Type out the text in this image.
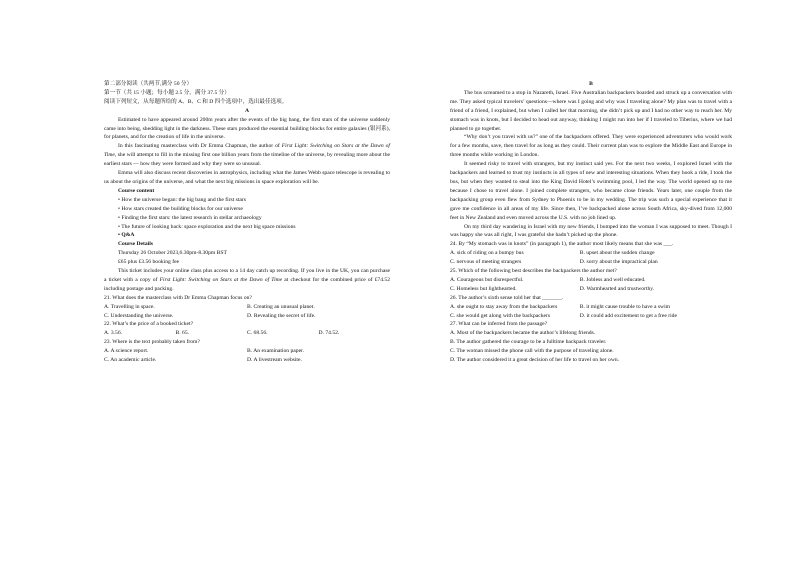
第二部分阅读（共两节,满分 50 分）

第一节（共 15 小题；每小题 2.5 分，满分 37.5 分）

阅读下列短文，从每题所给的 A、B、C 和 D 四个选项中，选出最佳选项。

A

Estimated to have appeared around 200m years after the events of the big bang, the first stars of the universe suddenly came into being, shedding light in the darkness. These stars produced the essential building blocks for entire galaxies (银河系), for planets, and for the creation of life in the universe.

In this fascinating masterclass with Dr Emma Chapman, the author of First Light: Switching on Stars at the Dawn of Time, she will attempt to fill in the missing first one billion years from the timeline of the universe, by revealing more about the earliest stars — how they were formed and why they were so unusual.

Emma will also discuss recent discoveries in astrophysics, including what the James Webb space telescope is revealing to us about the origins of the universe, and what the next big missions in space exploration will be.

Course content

• How the universe began: the big bang and the first stars

• How stars created the building blocks for our universe

• Finding the first stars: the latest research in stellar archaeology

• The future of looking back: space exploration and the next big space missions

• Q&A

Course Details

Thursday 26 October 2023,6.30pm-8.30pm BST

£65 plus £3.56 booking fee

This ticket includes your online class plus access to a 14 day catch up recording. If you live in the UK, you can purchase a ticket with a copy of First Light: Switching on Stars at the Dawn of Time at checkout for the combined price of £74.52 including postage and packing.

21. What does the masterclass with Dr Emma Chapman focus on?

A. Travelling in space.	B. Creating an unusual planet.
C. Understanding the universe.	D. Revealing the secret of life.

22. What’s the price of a booked ticket?

A. 3.56.	B. 65.	C. 68.56.	D. 74.52.

23. Where is the text probably taken from?

A. A science report.	B. An examination paper.
C. An academic article.	D. A livestream website.

B

The bus screamed to a stop in Nazareth, Israel. Five Australian backpackers boarded and struck up a conversation with me. They asked typical travelers’ questions—where was I going and why was I traveling alone? My plan was to travel with a friend of a friend, I explained, but when I called her that morning, she didn’t pick up and I had no other way to reach her. My stomach was in knots, but I decided to head out anyway, thinking I might run into her if I traveled to Tiberius, where we had planned to go together.

“Why don’t you travel with us?” one of the backpackers offered. They were experienced adventurers who would work for a few months, save, then travel for as long as they could. Their current plan was to explore the Middle East and Europe in three months while working in London.

It seemed risky to travel with strangers, but my instinct said yes. For the next two weeks, I explored Israel with the backpackers and learned to trust my instincts in all types of new and interesting situations. When they hook a ride, I took the bus, but when they wanted to steal into the King David Hotel’s swimming pool, I led the way. The world opened up to me because I chose to travel alone. I joined complete strangers, who became close friends. Years later, one couple from the backpacking group even flew from Sydney to Phoenix to be in my wedding. The trip was such a special experience that it gave me confidence in all areas of my life. Since then, I’ve backpacked alone across South Africa, sky-dived from 12,000 feet in New Zealand and even moved across the U.S. with no job lined up.

On my third day wandering in Israel with my new friends, I bumped into the woman I was supposed to meet. Though I was happy she was all right, I was grateful she hadn’t picked up the phone.

24. By “My stomach was in knots” (in paragraph 1), the author most likely means that she was ___.

A. sick of riding on a bumpy bus	B. upset about the sudden change
C. nervous of meeting strangers	D. sorry about the impractical plan

25. Which of the following best describes the backpackers the author met?

A. Courageous but disrespectful.	B. Jobless and well educated.
C. Homeless but lighthearted.	D. Warmhearted and trustworthy.

26. The author’s sixth sense told her that _______.

A. she ought to stay away from the backpackers	B. it might cause trouble to have a swim
C. she would get along with the backpackers	D. it could add excitement to get a free ride

27. What can be inferred from the passage?

A. Most of the backpackers became the author’s lifelong friends.

B. The author gathered the courage to be a fulltime backpack traveler.

C. The woman missed the phone call with the purpose of traveling alone.

D. The author considered it a great decision of her life to travel on her own.
